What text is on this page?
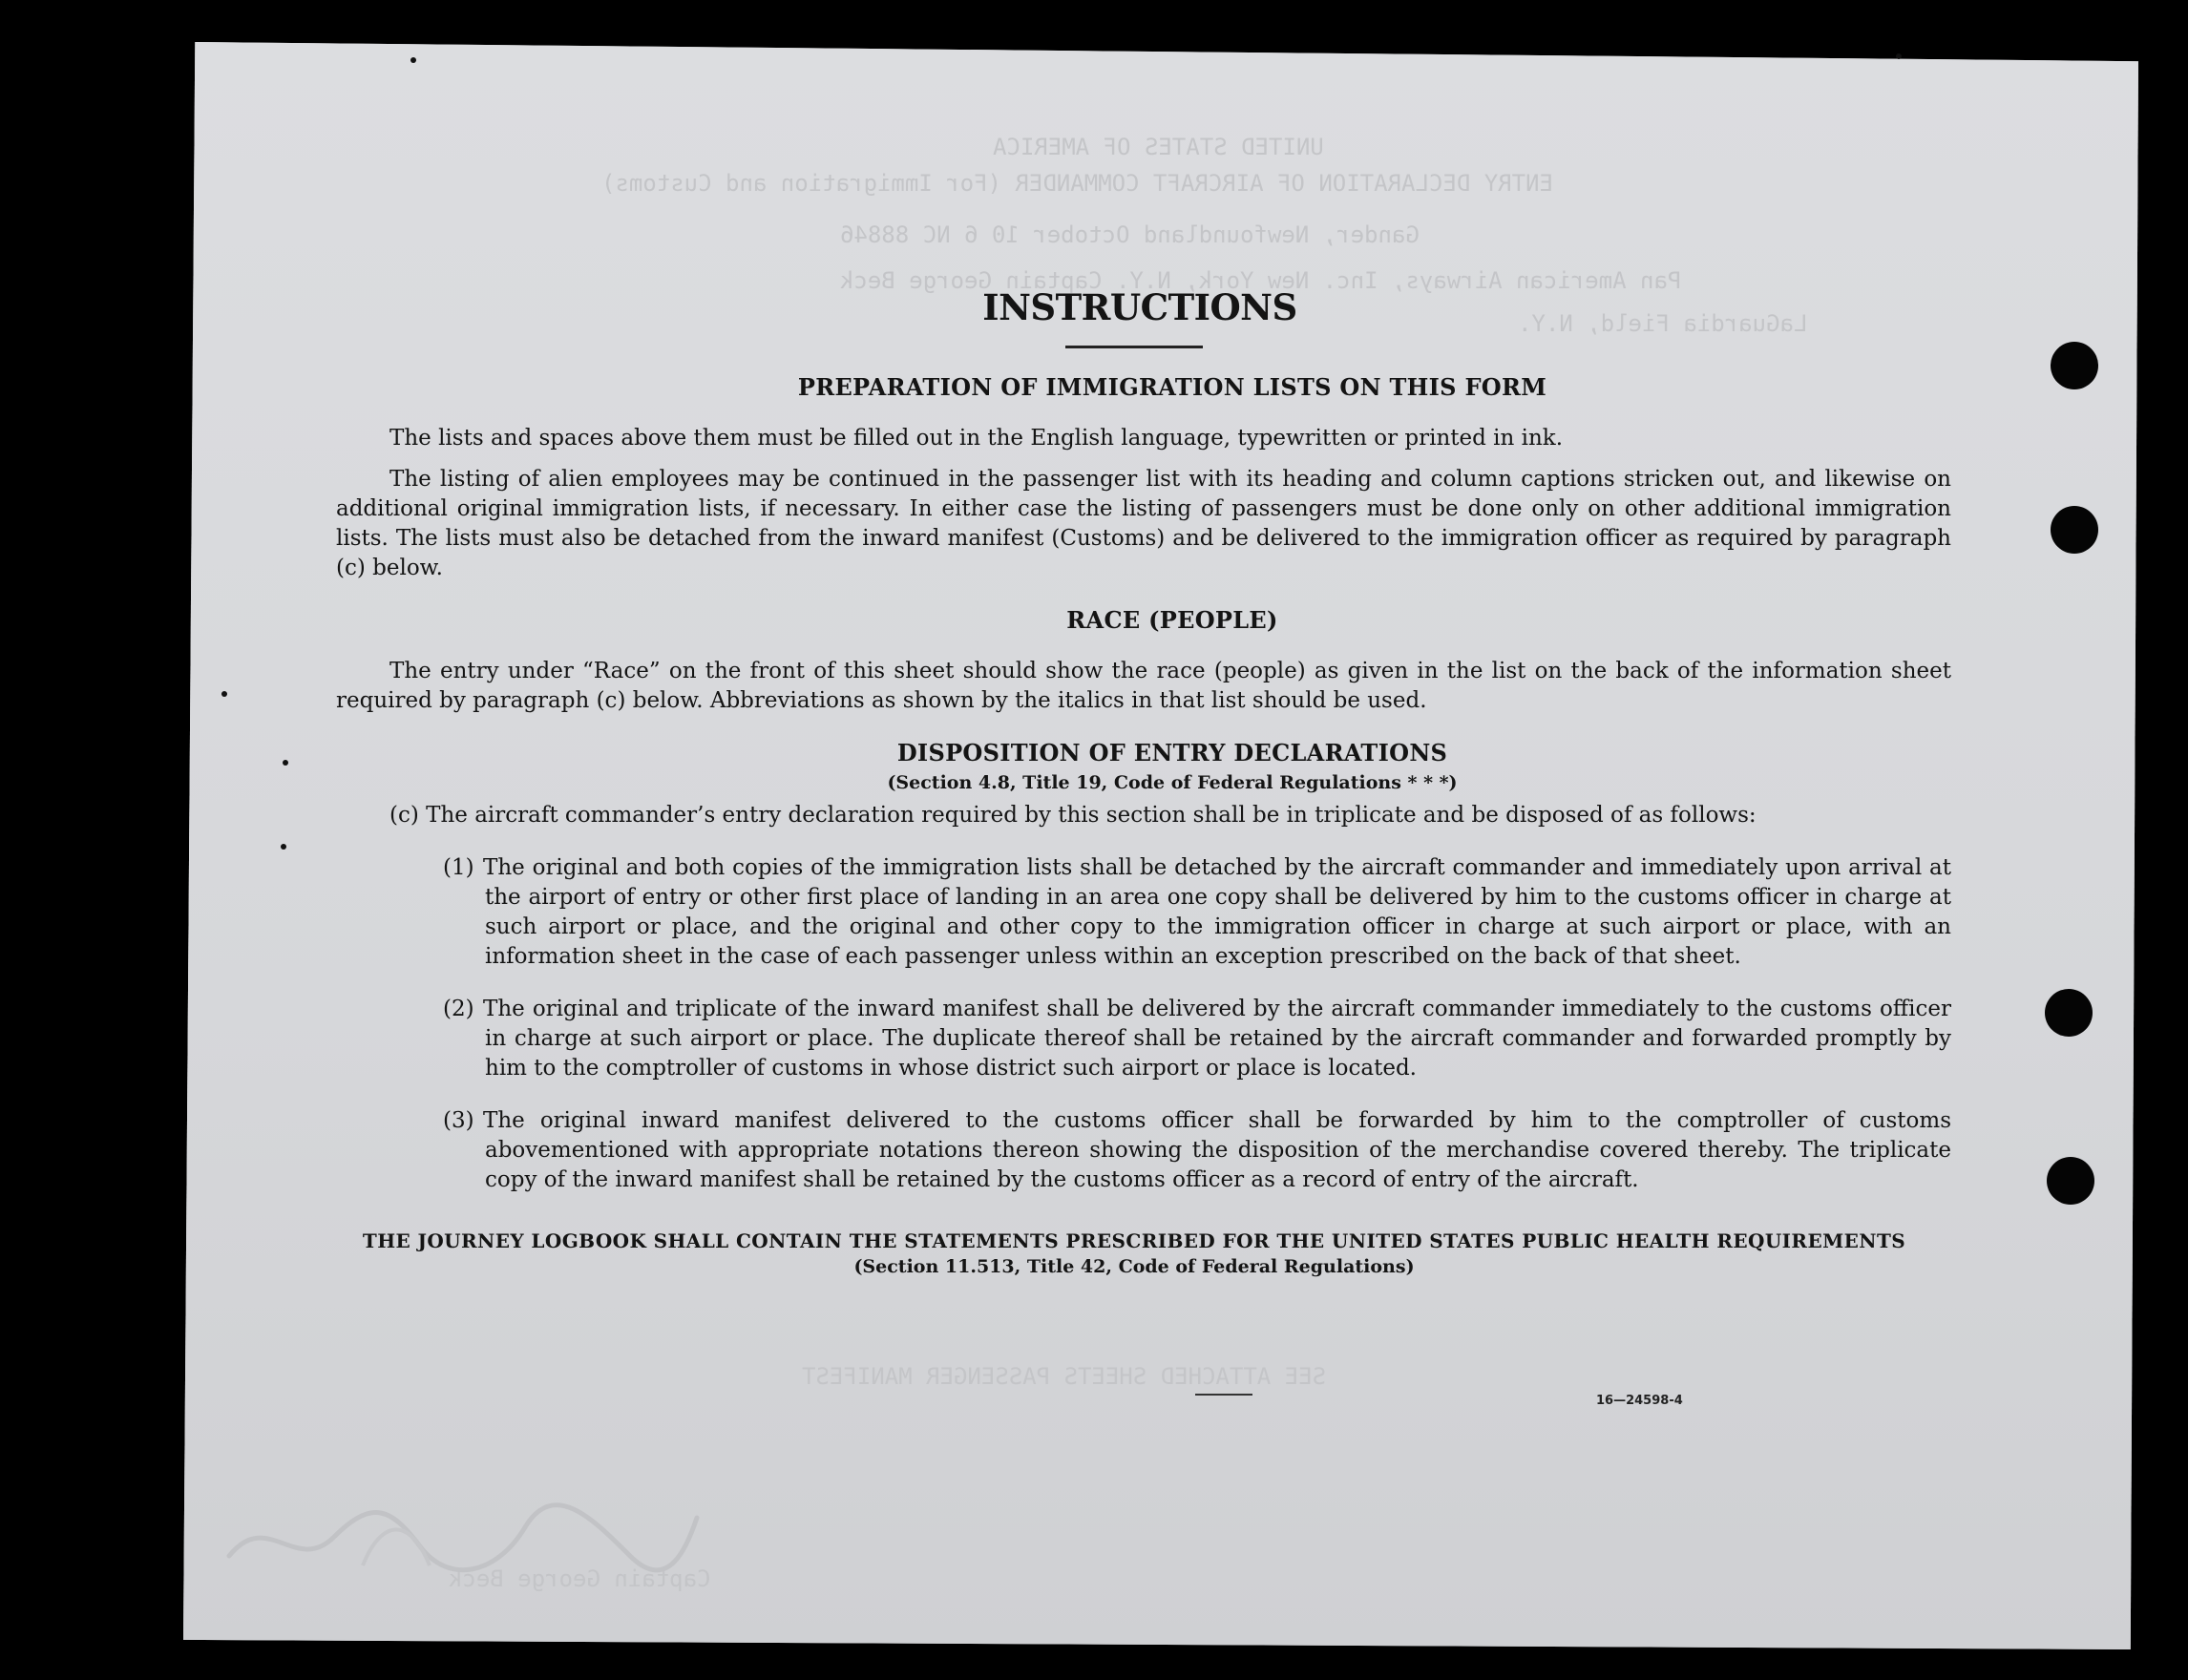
UNITED STATES OF AMERICA
ENTRY DECLARATION OF AIRCRAFT COMMANDER (For Immigration and Customs)
Gander, Newfoundland October 10 6 NC 88846
Pan American Airways, Inc. New York, N.Y. Captain George Beck
LaGuardia Field, N.Y.
SEE ATTACHED SHEETS PASSENGER MANIFEST
Captain George Beck
INSTRUCTIONS
PREPARATION OF IMMIGRATION LISTS ON THIS FORM

The lists and spaces above them must be filled out in the English language, typewritten or printed in ink.

The listing of alien employees may be continued in the passenger list with its heading and column captions stricken out, and likewise on additional original immigration lists, if necessary. In either case the listing of passengers must be done only on other additional immigration lists. The lists must also be detached from the inward manifest (Customs) and be delivered to the immigration officer as required by paragraph (c) below.

RACE (PEOPLE)

The entry under “Race” on the front of this sheet should show the race (people) as given in the list on the back of the information sheet required by paragraph (c) below. Abbreviations as shown by the italics in that list should be used.

DISPOSITION OF ENTRY DECLARATIONS
(Section 4.8, Title 19, Code of Federal Regulations * * *)

(c) The aircraft commander’s entry declaration required by this section shall be in triplicate and be disposed of as follows:

(1) The original and both copies of the immigration lists shall be detached by the aircraft commander and immediately upon arrival at the airport of entry or other first place of landing in an area one copy shall be delivered by him to the customs officer in charge at such airport or place, and the original and other copy to the immigration officer in charge at such airport or place, with an information sheet in the case of each passenger unless within an exception prescribed on the back of that sheet.
(2) The original and triplicate of the inward manifest shall be delivered by the aircraft commander immediately to the customs officer in charge at such airport or place. The duplicate thereof shall be retained by the aircraft commander and forwarded promptly by him to the comptroller of customs in whose district such airport or place is located.
(3) The original inward manifest delivered to the customs officer shall be forwarded by him to the comptroller of customs abovementioned with appropriate notations thereon showing the disposition of the merchandise covered thereby. The triplicate copy of the inward manifest shall be retained by the customs officer as a record of entry of the aircraft.
THE JOURNEY LOGBOOK SHALL CONTAIN THE STATEMENTS PRESCRIBED FOR THE UNITED STATES PUBLIC HEALTH REQUIREMENTS
(Section 11.513, Title 42, Code of Federal Regulations)
16—24598-4
